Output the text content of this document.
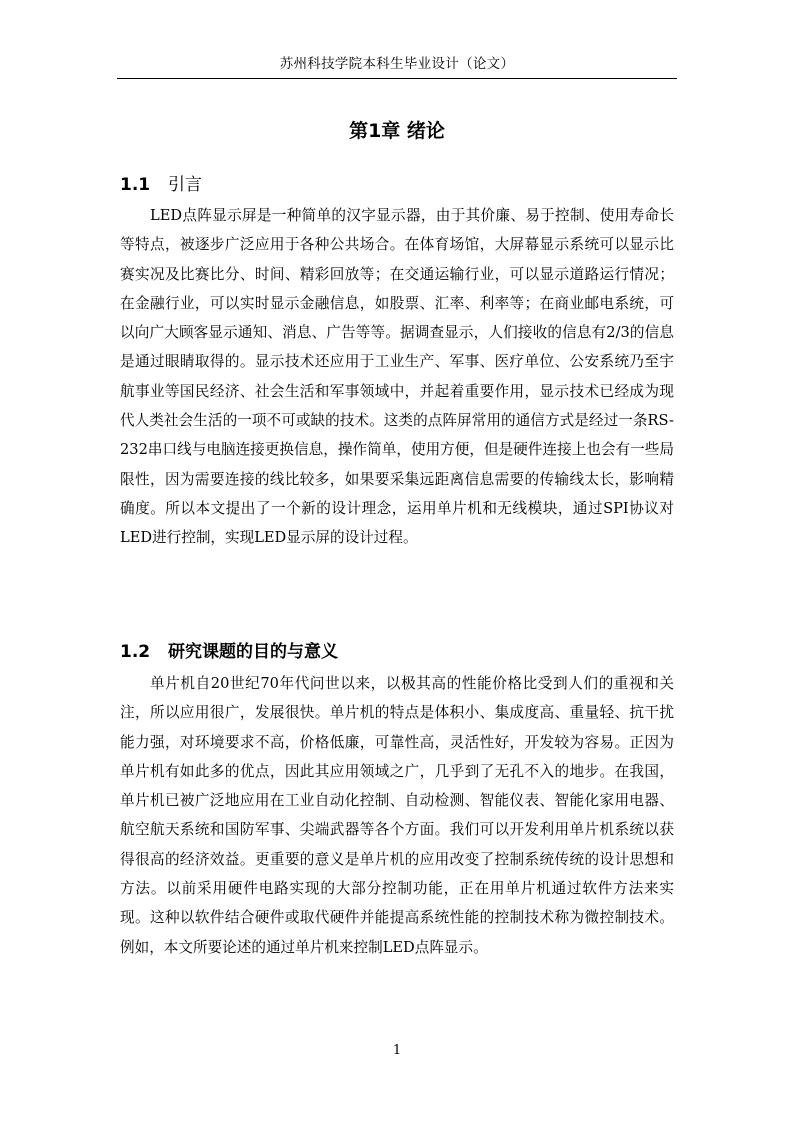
苏州科技学院本科生毕业设计（论文）
第1章 绪论
1.1 引言

LED点阵显示屏是一种简单的汉字显示器，由于其价廉、易于控制、使用寿命长等特点，被逐步广泛应用于各种公共场合。在体育场馆，大屏幕显示系统可以显示比赛实况及比赛比分、时间、精彩回放等；在交通运输行业，可以显示道路运行情况；在金融行业，可以实时显示金融信息，如股票、汇率、利率等；在商业邮电系统，可以向广大顾客显示通知、消息、广告等等。据调查显示，人们接收的信息有2/3的信息是通过眼睛取得的。显示技术还应用于工业生产、军事、医疗单位、公安系统乃至宇航事业等国民经济、社会生活和军事领域中，并起着重要作用，显示技术已经成为现代人类社会生活的一项不可或缺的技术。这类的点阵屏常用的通信方式是经过一条RS-232串口线与电脑连接更换信息，操作简单，使用方便，但是硬件连接上也会有一些局限性，因为需要连接的线比较多，如果要采集远距离信息需要的传输线太长，影响精确度。所以本文提出了一个新的设计理念，运用单片机和无线模块，通过SPI协议对LED进行控制，实现LED显示屏的设计过程。

1.2 研究课题的目的与意义

单片机自20世纪70年代问世以来，以极其高的性能价格比受到人们的重视和关注，所以应用很广，发展很快。单片机的特点是体积小、集成度高、重量轻、抗干扰能力强，对环境要求不高，价格低廉，可靠性高，灵活性好，开发较为容易。正因为单片机有如此多的优点，因此其应用领域之广，几乎到了无孔不入的地步。在我国，单片机已被广泛地应用在工业自动化控制、自动检测、智能仪表、智能化家用电器、航空航天系统和国防军事、尖端武器等各个方面。我们可以开发利用单片机系统以获得很高的经济效益。更重要的意义是单片机的应用改变了控制系统传统的设计思想和方法。以前采用硬件电路实现的大部分控制功能，正在用单片机通过软件方法来实现。这种以软件结合硬件或取代硬件并能提高系统性能的控制技术称为微控制技术。例如，本文所要论述的通过单片机来控制LED点阵显示。

1
